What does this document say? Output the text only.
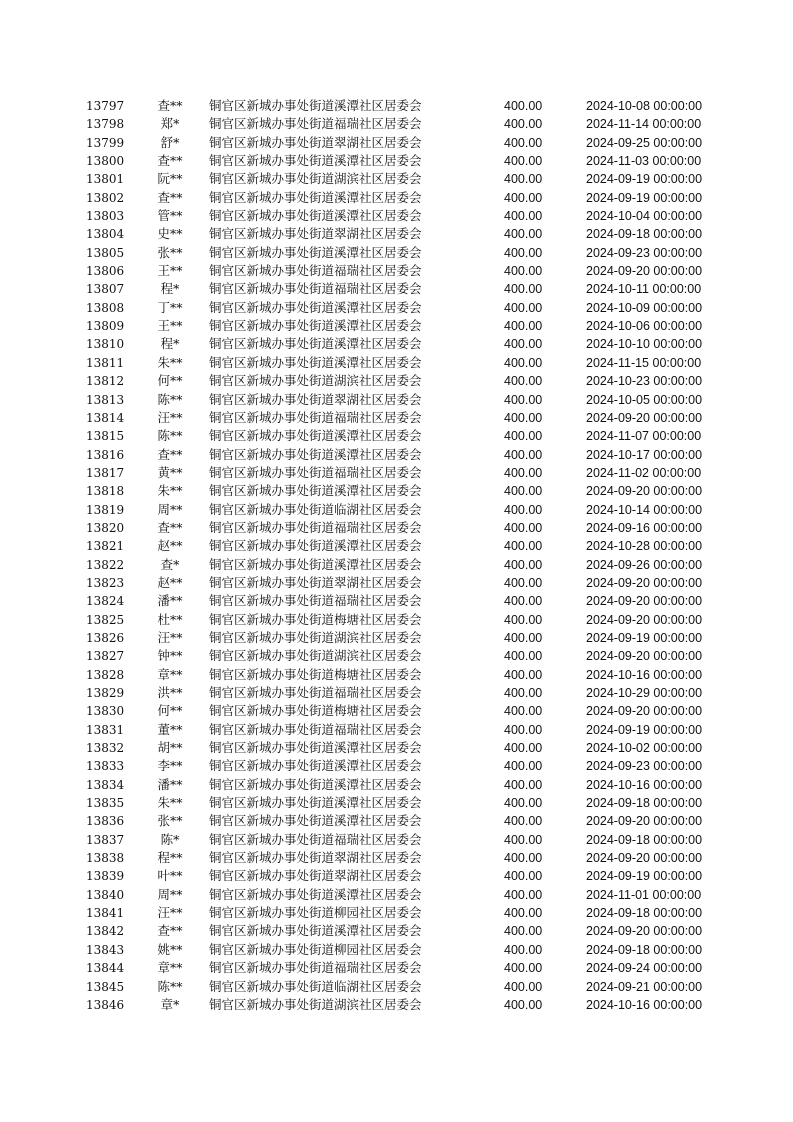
13797	查**	铜官区新城办事处街道溪潭社区居委会	400.00	2024-10-08 00:00:00
13798	郑*	铜官区新城办事处街道福瑞社区居委会	400.00	2024-11-14 00:00:00
13799	舒*	铜官区新城办事处街道翠湖社区居委会	400.00	2024-09-25 00:00:00
13800	查**	铜官区新城办事处街道溪潭社区居委会	400.00	2024-11-03 00:00:00
13801	阮**	铜官区新城办事处街道湖滨社区居委会	400.00	2024-09-19 00:00:00
13802	查**	铜官区新城办事处街道溪潭社区居委会	400.00	2024-09-19 00:00:00
13803	管**	铜官区新城办事处街道溪潭社区居委会	400.00	2024-10-04 00:00:00
13804	史**	铜官区新城办事处街道翠湖社区居委会	400.00	2024-09-18 00:00:00
13805	张**	铜官区新城办事处街道溪潭社区居委会	400.00	2024-09-23 00:00:00
13806	王**	铜官区新城办事处街道福瑞社区居委会	400.00	2024-09-20 00:00:00
13807	程*	铜官区新城办事处街道福瑞社区居委会	400.00	2024-10-11 00:00:00
13808	丁**	铜官区新城办事处街道溪潭社区居委会	400.00	2024-10-09 00:00:00
13809	王**	铜官区新城办事处街道溪潭社区居委会	400.00	2024-10-06 00:00:00
13810	程*	铜官区新城办事处街道溪潭社区居委会	400.00	2024-10-10 00:00:00
13811	朱**	铜官区新城办事处街道溪潭社区居委会	400.00	2024-11-15 00:00:00
13812	何**	铜官区新城办事处街道湖滨社区居委会	400.00	2024-10-23 00:00:00
13813	陈**	铜官区新城办事处街道翠湖社区居委会	400.00	2024-10-05 00:00:00
13814	汪**	铜官区新城办事处街道福瑞社区居委会	400.00	2024-09-20 00:00:00
13815	陈**	铜官区新城办事处街道溪潭社区居委会	400.00	2024-11-07 00:00:00
13816	查**	铜官区新城办事处街道溪潭社区居委会	400.00	2024-10-17 00:00:00
13817	黄**	铜官区新城办事处街道福瑞社区居委会	400.00	2024-11-02 00:00:00
13818	朱**	铜官区新城办事处街道溪潭社区居委会	400.00	2024-09-20 00:00:00
13819	周**	铜官区新城办事处街道临湖社区居委会	400.00	2024-10-14 00:00:00
13820	查**	铜官区新城办事处街道福瑞社区居委会	400.00	2024-09-16 00:00:00
13821	赵**	铜官区新城办事处街道溪潭社区居委会	400.00	2024-10-28 00:00:00
13822	查*	铜官区新城办事处街道溪潭社区居委会	400.00	2024-09-26 00:00:00
13823	赵**	铜官区新城办事处街道翠湖社区居委会	400.00	2024-09-20 00:00:00
13824	潘**	铜官区新城办事处街道福瑞社区居委会	400.00	2024-09-20 00:00:00
13825	杜**	铜官区新城办事处街道梅塘社区居委会	400.00	2024-09-20 00:00:00
13826	汪**	铜官区新城办事处街道湖滨社区居委会	400.00	2024-09-19 00:00:00
13827	钟**	铜官区新城办事处街道湖滨社区居委会	400.00	2024-09-20 00:00:00
13828	章**	铜官区新城办事处街道梅塘社区居委会	400.00	2024-10-16 00:00:00
13829	洪**	铜官区新城办事处街道福瑞社区居委会	400.00	2024-10-29 00:00:00
13830	何**	铜官区新城办事处街道梅塘社区居委会	400.00	2024-09-20 00:00:00
13831	董**	铜官区新城办事处街道福瑞社区居委会	400.00	2024-09-19 00:00:00
13832	胡**	铜官区新城办事处街道溪潭社区居委会	400.00	2024-10-02 00:00:00
13833	李**	铜官区新城办事处街道溪潭社区居委会	400.00	2024-09-23 00:00:00
13834	潘**	铜官区新城办事处街道溪潭社区居委会	400.00	2024-10-16 00:00:00
13835	朱**	铜官区新城办事处街道溪潭社区居委会	400.00	2024-09-18 00:00:00
13836	张**	铜官区新城办事处街道溪潭社区居委会	400.00	2024-09-20 00:00:00
13837	陈*	铜官区新城办事处街道福瑞社区居委会	400.00	2024-09-18 00:00:00
13838	程**	铜官区新城办事处街道翠湖社区居委会	400.00	2024-09-20 00:00:00
13839	叶**	铜官区新城办事处街道翠湖社区居委会	400.00	2024-09-19 00:00:00
13840	周**	铜官区新城办事处街道溪潭社区居委会	400.00	2024-11-01 00:00:00
13841	汪**	铜官区新城办事处街道柳园社区居委会	400.00	2024-09-18 00:00:00
13842	查**	铜官区新城办事处街道溪潭社区居委会	400.00	2024-09-20 00:00:00
13843	姚**	铜官区新城办事处街道柳园社区居委会	400.00	2024-09-18 00:00:00
13844	章**	铜官区新城办事处街道福瑞社区居委会	400.00	2024-09-24 00:00:00
13845	陈**	铜官区新城办事处街道临湖社区居委会	400.00	2024-09-21 00:00:00
13846	章*	铜官区新城办事处街道湖滨社区居委会	400.00	2024-10-16 00:00:00
